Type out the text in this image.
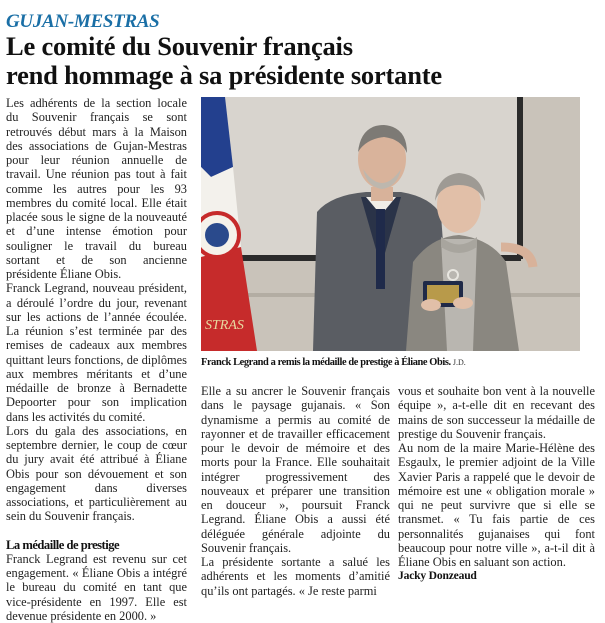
GUJAN-MESTRAS
Le comité du Souvenir français
rend hommage à sa présidente sortante

Les adhérents de la section locale du Souvenir français se sont retrouvés début mars à la Maison des associations de Gujan-Mestras pour leur réunion annuelle de travail. Une réunion pas tout à fait comme les autres pour les 93 membres du comité local. Elle était placée sous le signe de la nouveauté et d’une intense émotion pour souligner le travail du bureau sortant et de son ancienne présidente Éliane Obis.

Franck Legrand, nouveau président, a déroulé l’ordre du jour, revenant sur les actions de l’année écoulée. La réunion s’est terminée par des remises de cadeaux aux membres quittant leurs fonctions, de diplômes aux membres méritants et d’une médaille de bronze à Bernadette Depoorter pour son implication dans les activités du comité.

Lors du gala des associations, en septembre dernier, le coup de cœur du jury avait été attribué à Éliane Obis pour son dévouement et son engagement dans diverses associations, et particulièrement au sein du Souvenir français.

La médaille de prestige

Franck Legrand est revenu sur cet engagement. « Éliane Obis a intégré le bureau du comité en tant que vice-présidente en 1997. Elle est devenue présidente en 2000. »

STRAS
Franck Legrand a remis la médaille de prestige à Éliane Obis. J.D.

Elle a su ancrer le Souvenir français dans le paysage gujanais. « Son dynamisme a permis au comité de rayonner et de travailler efficacement pour le devoir de mémoire et des morts pour la France. Elle souhaitait intégrer progressivement des nouveaux et préparer une transition en douceur », poursuit Franck Legrand. Éliane Obis a aussi été déléguée générale adjointe du Souvenir français.

La présidente sortante a salué les adhérents et les moments d’amitié qu’ils ont partagés. « Je reste parmi

vous et souhaite bon vent à la nouvelle équipe », a-t-elle dit en recevant des mains de son successeur la médaille de prestige du Souvenir français.

Au nom de la maire Marie-Hélène des Esgaulx, le premier adjoint de la Ville Xavier Paris a rappelé que le devoir de mémoire est une « obligation morale » qui ne peut survivre que si elle se transmet. « Tu fais partie de ces personnalités gujanaises qui font beaucoup pour notre ville », a-t-il dit à Éliane Obis en saluant son action.

Jacky Donzeaud
